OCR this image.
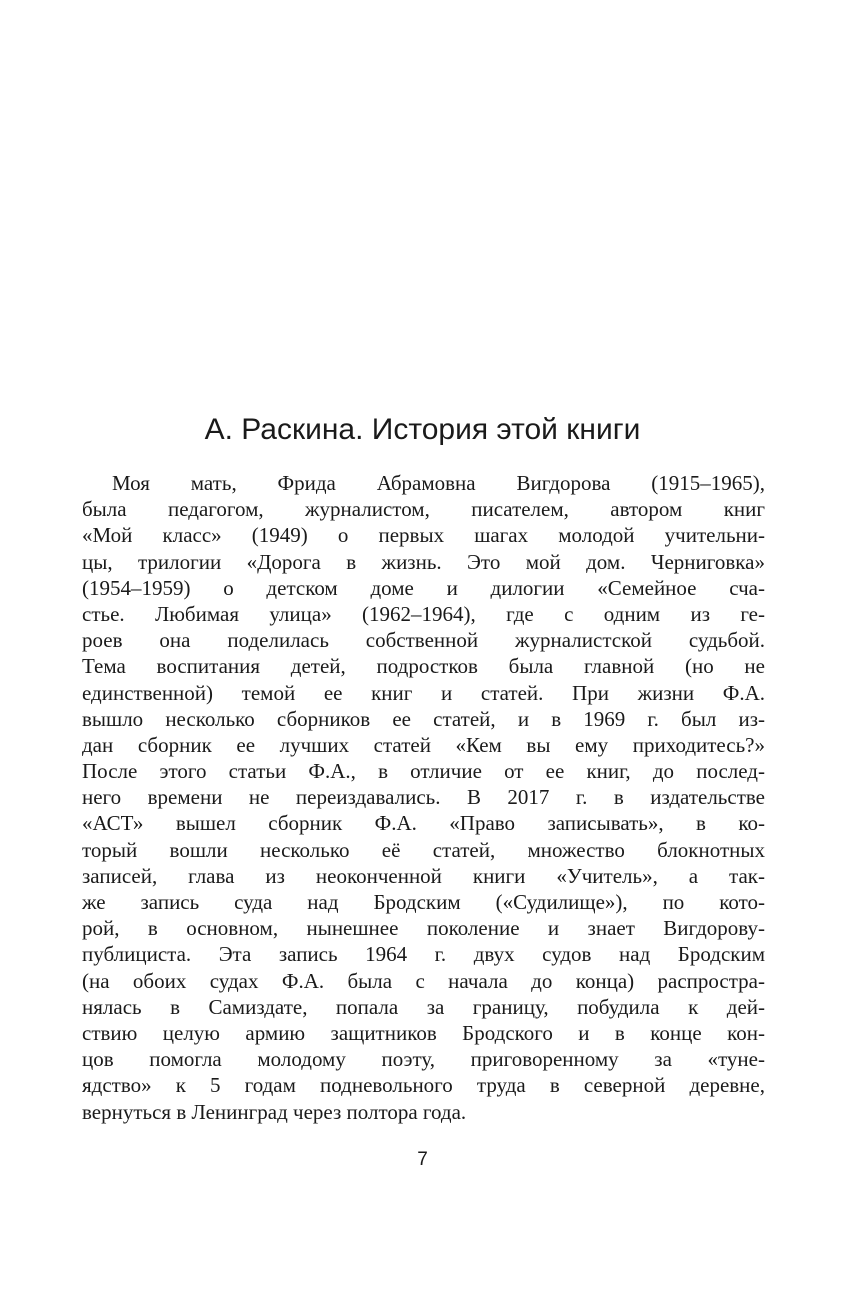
А. Раскина. История этой книги
Моя мать, Фрида Абрамовна Вигдорова (1915–1965),
была педагогом, журналистом, писателем, автором книг
«Мой класс» (1949) о первых шагах молодой учительни-
цы, трилогии «Дорога в жизнь. Это мой дом. Черниговка»
(1954–1959) о детском доме и дилогии «Семейное сча-
стье. Любимая улица» (1962–1964), где с одним из ге-
роев она поделилась собственной журналистской судьбой.
Тема воспитания детей, подростков была главной (но не
единственной) темой ее книг и статей. При жизни Ф.А.
вышло несколько сборников ее статей, и в 1969 г. был из-
дан сборник ее лучших статей «Кем вы ему приходитесь?»
После этого статьи Ф.А., в отличие от ее книг, до послед-
него времени не переиздавались. В 2017 г. в издательстве
«АСТ» вышел сборник Ф.А. «Право записывать», в ко-
торый вошли несколько её статей, множество блокнотных
записей, глава из неоконченной книги «Учитель», а так-
же запись суда над Бродским («Судилище»), по кото-
рой, в основном, нынешнее поколение и знает Вигдорову-
публициста. Эта запись 1964 г. двух судов над Бродским
(на обоих судах Ф.А. была с начала до конца) распростра-
нялась в Самиздате, попала за границу, побудила к дей-
ствию целую армию защитников Бродского и в конце кон-
цов помогла молодому поэту, приговоренному за «туне-
ядство» к 5 годам подневольного труда в северной деревне,
вернуться в Ленинград через полтора года.
7
